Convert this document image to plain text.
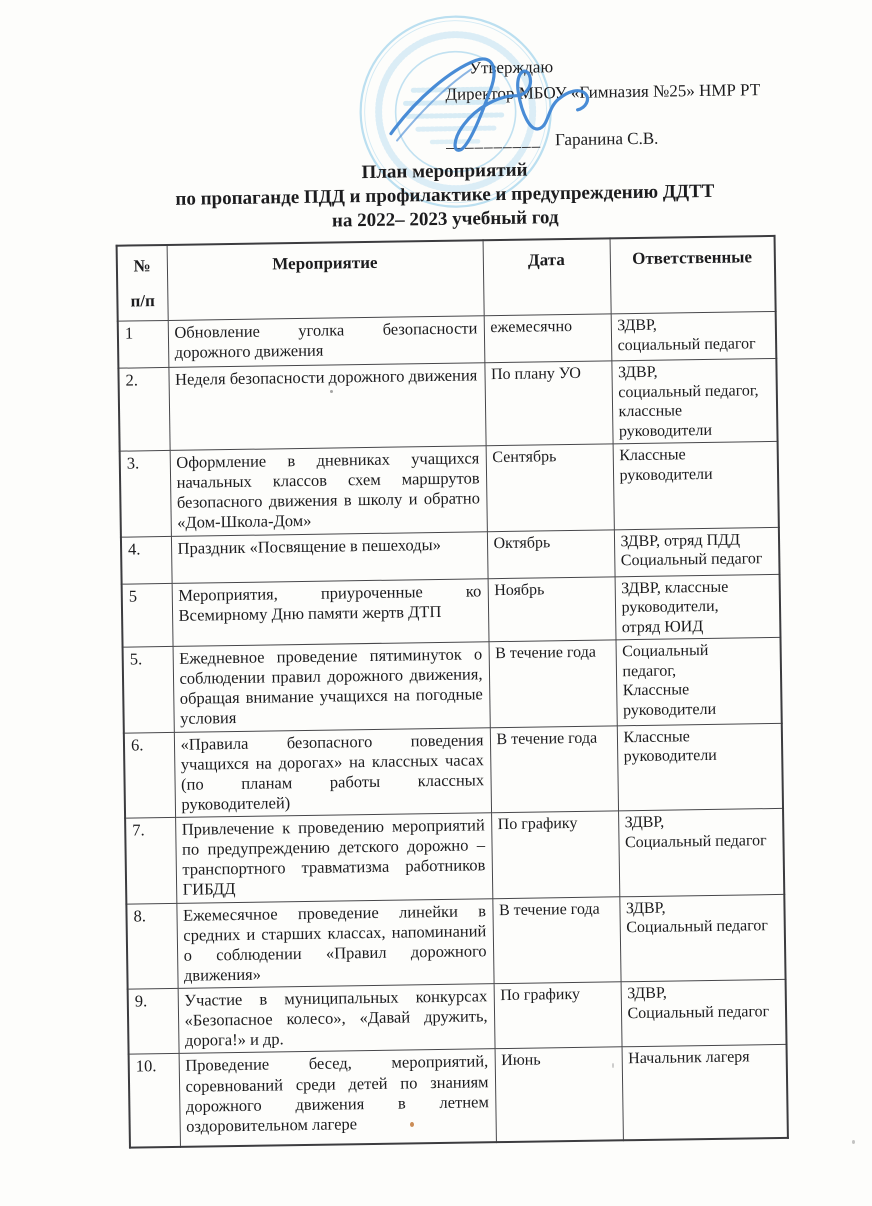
Утверждаю
Директор МБОУ «Гимназия №25» НМР РТ
__________ Гаранина С.В.
План мероприятий
по пропаганде ПДД и профилактике и предупреждению ДДТТ
на 2022– 2023 учебный год
№
п/п	Мероприятие	Дата	Ответственные
1	Обновление уголка безопасности дорожного движения	ежемесячно	ЗДВР,
социальный педагог
2.	Неделя безопасности дорожного движения	По плану УО	ЗДВР,
социальный педагог,
классные
руководители
3.	Оформление в дневниках учащихся начальных классов схем маршрутов безопасного движения в школу и обратно «Дом-Школа-Дом»	Сентябрь	Классные
руководители
4.	Праздник «Посвящение в пешеходы»	Октябрь	ЗДВР, отряд ПДД
Социальный педагог
5	Мероприятия, приуроченные ко Всемирному Дню памяти жертв ДТП	Ноябрь	ЗДВР, классные
руководители,
отряд ЮИД
5.	Ежедневное проведение пятиминуток о соблюдении правил дорожного движения, обращая внимание учащихся на погодные условия	В течение года	Социальный
педагог,
Классные
руководители
6.	«Правила безопасного поведения учащихся на дорогах» на классных часах (по планам работы классных руководителей)	В течение года	Классные
руководители
7.	Привлечение к проведению мероприятий по предупреждению детского дорожно – транспортного травматизма работников ГИБДД	По графику	ЗДВР,
Социальный педагог
8.	Ежемесячное проведение линейки в средних и старших классах, напоминаний о соблюдении «Правил дорожного движения»	В течение года	ЗДВР,
Социальный педагог
9.	Участие в муниципальных конкурсах «Безопасное колесо», «Давай дружить, дорога!» и др.	По графику	ЗДВР,
Социальный педагог
10.	Проведение бесед, мероприятий, соревнований среди детей по знаниям дорожного движения в летнем оздоровительном лагере	Июнь	Начальник лагеря
